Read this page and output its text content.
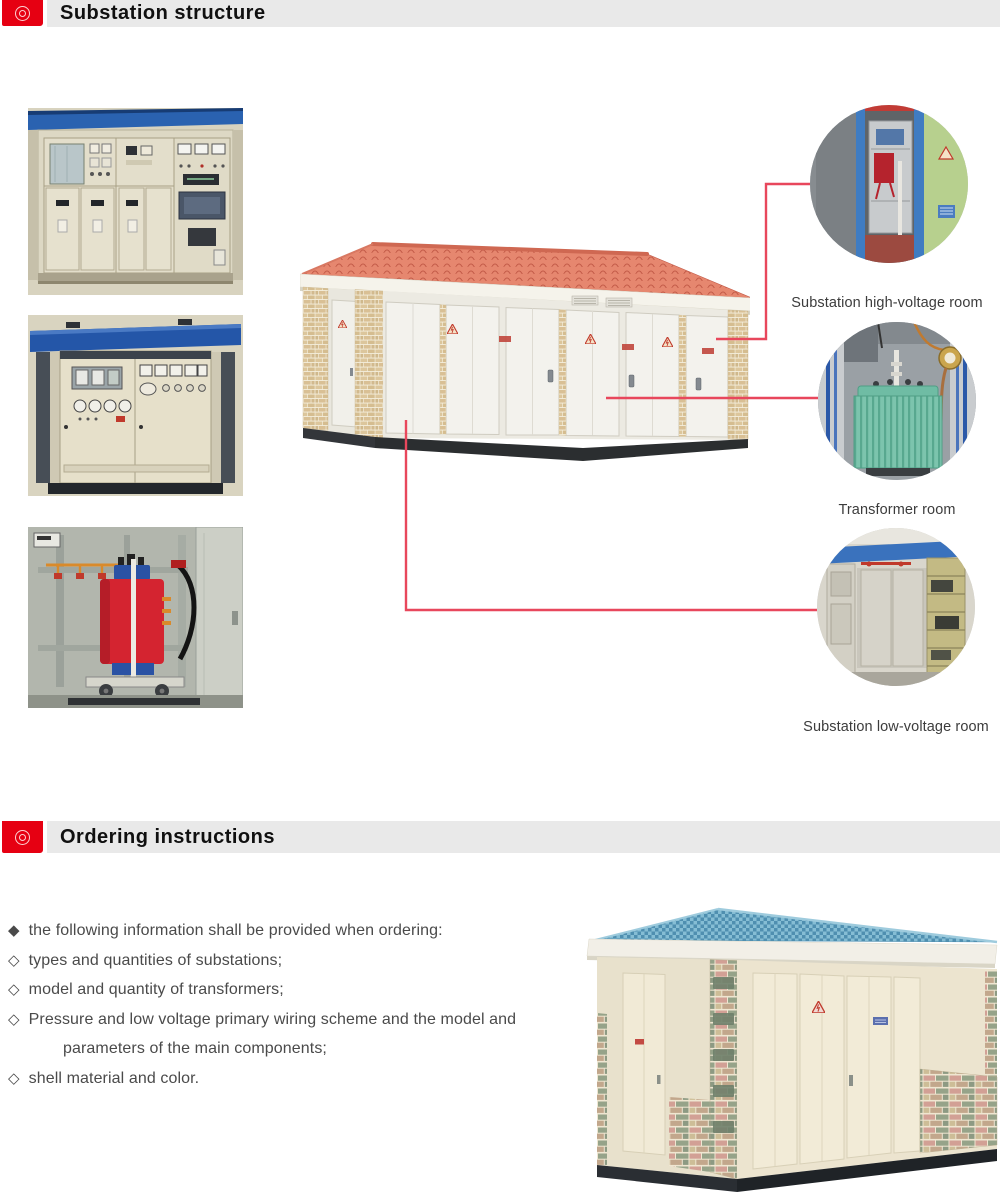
Substation structure
Substation high-voltage room
Transformer room
Substation low-voltage room
Ordering instructions
◆ the following information shall be provided when ordering:
◇ types and quantities of substations;
◇ model and quantity of transformers;
◇ Pressure and low voltage primary wiring scheme and the model and parameters of the main components;
◇ shell material and color.
